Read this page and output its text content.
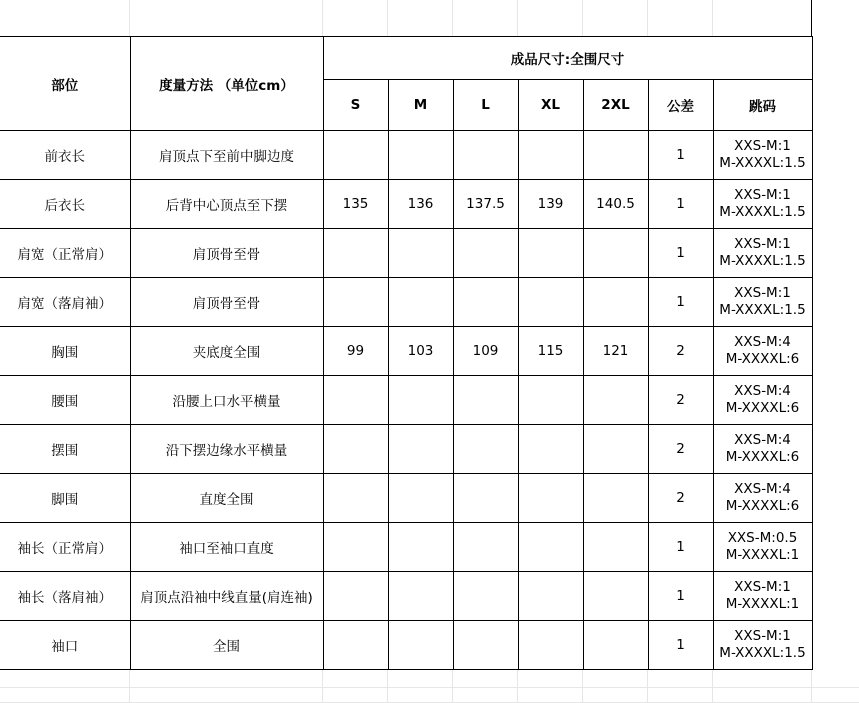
部位	度量方法 （单位cm）	成品尺寸:全围尺寸						
		S	M	L	XL	2XL	公差	跳码
前衣长	肩顶点下至前中脚边度						1	XXS-M:1
M-XXXXL:1.5

后衣长	后背中心顶点至下摆	135	136	137.5	139	140.5	1	XXS-M:1
M-XXXXL:1.5

肩宽（正常肩）	肩顶骨至骨						1	XXS-M:1
M-XXXXL:1.5

肩宽（落肩袖）	肩顶骨至骨						1	XXS-M:1
M-XXXXL:1.5

胸围	夹底度全围	99	103	109	115	121	2	XXS-M:4
M-XXXXL:6

腰围	沿腰上口水平横量						2	XXS-M:4
M-XXXXL:6

摆围	沿下摆边缘水平横量						2	XXS-M:4
M-XXXXL:6

脚围	直度全围						2	XXS-M:4
M-XXXXL:6

袖长（正常肩）	袖口至袖口直度						1	XXS-M:0.5
M-XXXXL:1

袖长（落肩袖）	肩顶点沿袖中线直量(肩连袖)						1	XXS-M:1
M-XXXXL:1

袖口	全围						1	XXS-M:1
M-XXXXL:1.5
